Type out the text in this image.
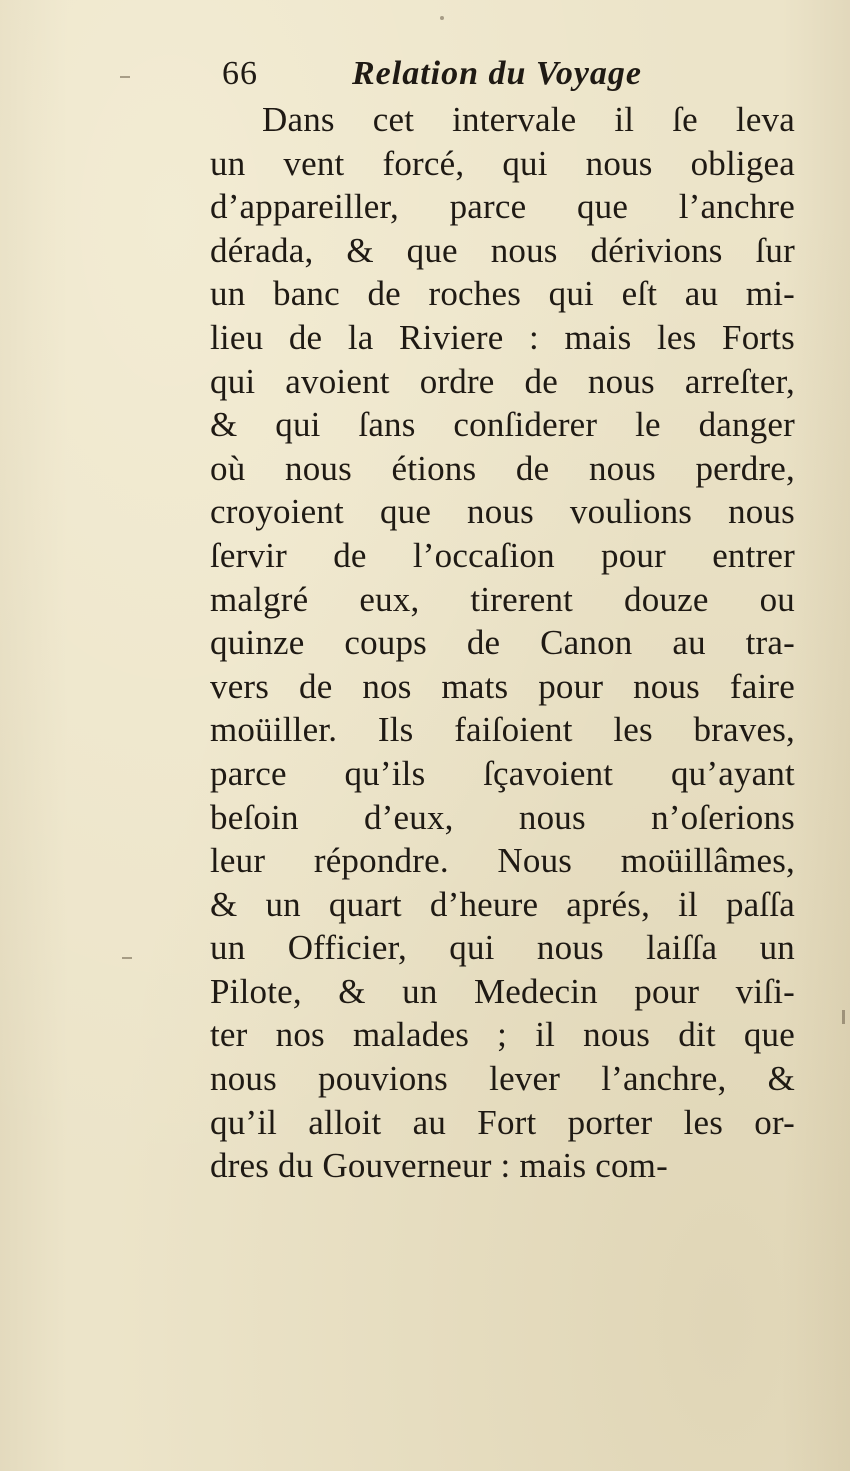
66	Relation du Voyage
Dans cet intervale il ſe leva
un vent forcé, qui nous obligea
d’appareiller, parce que l’anchre
dérada, & que nous dérivions ſur
un banc de roches qui eſt au mi-
lieu de la Riviere : mais les Forts
qui avoient ordre de nous arreſter,
& qui ſans conſiderer le danger
où nous étions de nous perdre,
croyoient que nous voulions nous
ſervir de l’occaſion pour entrer
malgré eux, tirerent douze ou
quinze coups de Canon au tra-
vers de nos mats pour nous faire
moüiller. Ils faiſoient les braves,
parce qu’ils ſçavoient qu’ayant
beſoin d’eux, nous n’oſerions
leur répondre. Nous moüillâmes,
& un quart d’heure aprés, il paſſa
un Officier, qui nous laiſſa un
Pilote, & un Medecin pour viſi-
ter nos malades ; il nous dit que
nous pouvions lever l’anchre, &
qu’il alloit au Fort porter les or-
dres du Gouverneur : mais com-
